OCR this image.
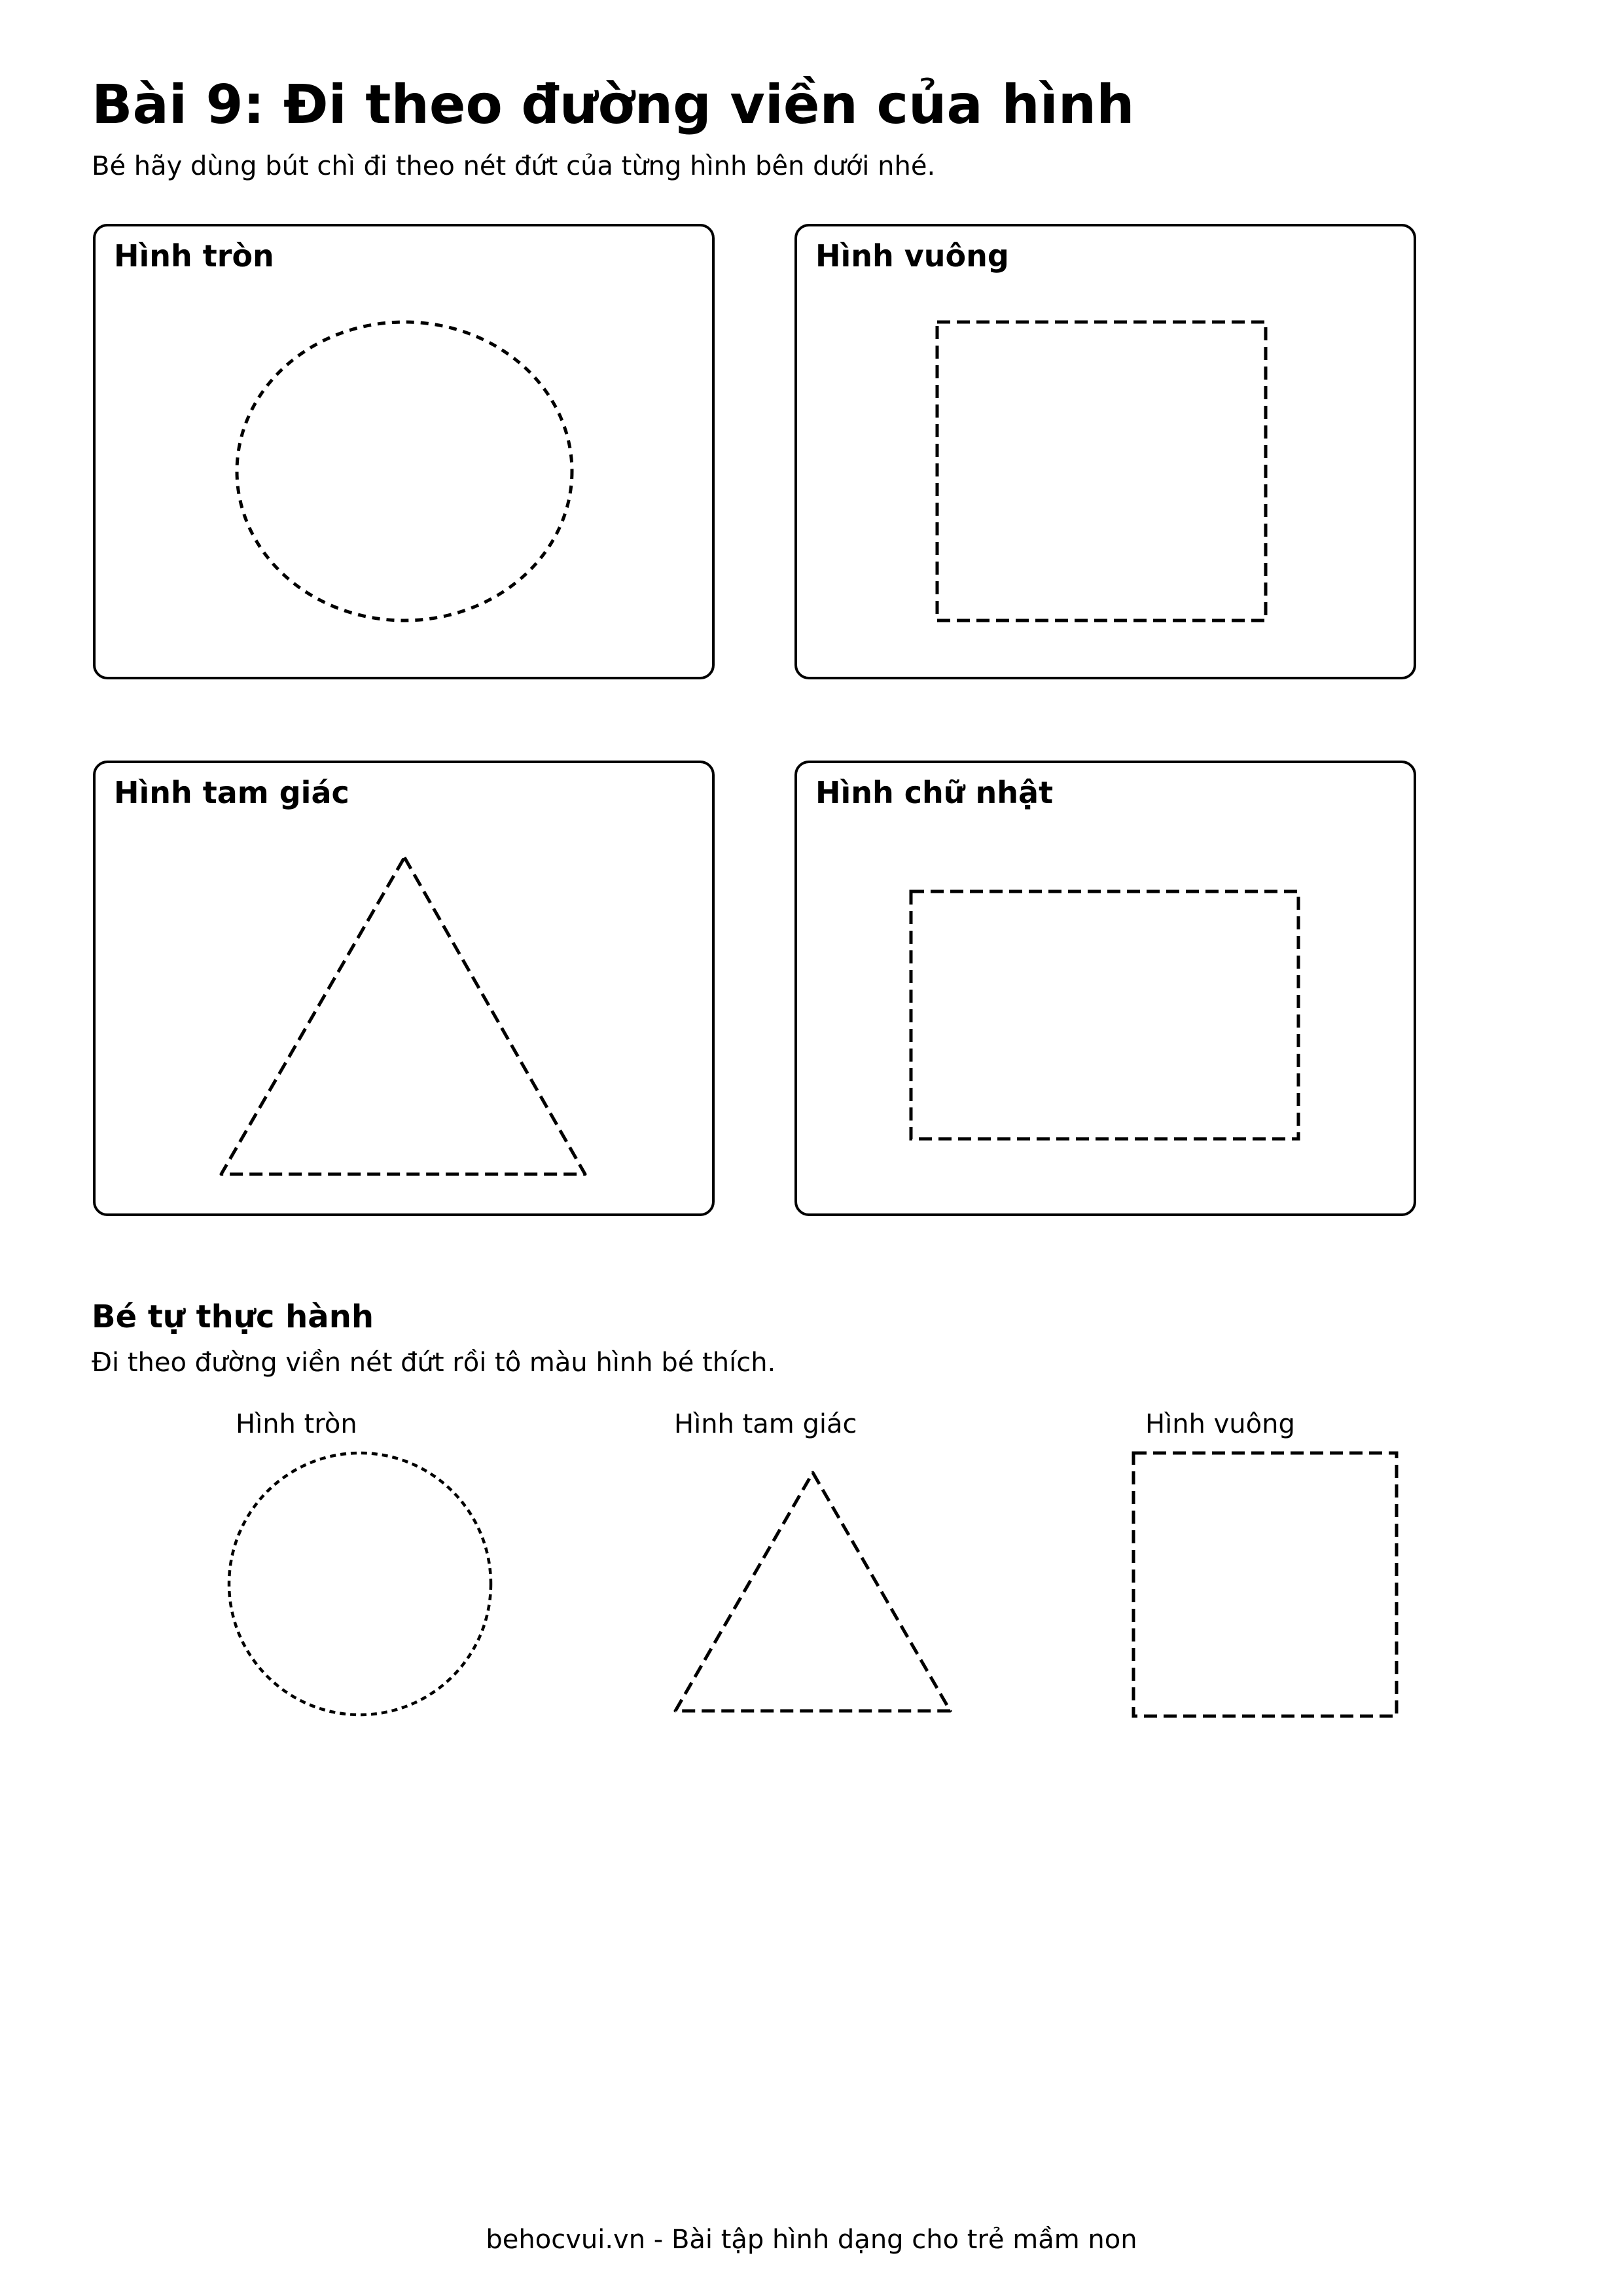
Bài 9: Đi theo đường viền của hình

Bé hãy dùng bút chì đi theo nét đứt của từng hình bên dưới nhé.

Hình tròn	Hình vuông
Hình tam giác	Hình chữ nhật
Bé tự thực hành

Đi theo đường viền nét đứt rồi tô màu hình bé thích.

Hình tròn	Hình tam giác	Hình vuông
behocvui.vn - Bài tập hình dạng cho trẻ mầm non
